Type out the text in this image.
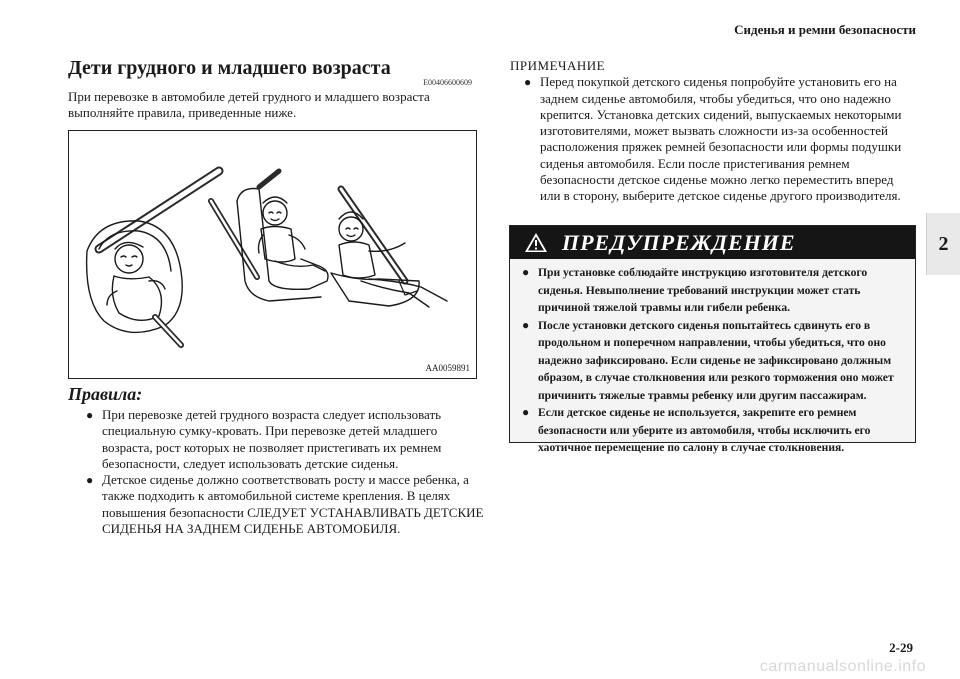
Сиденья и ремни безопасности
2
Дети грудного и младшего возраста
E00406600609
При перевозке в автомобиле детей грудного и младшего возраста выполняйте правила, приведенные ниже.
AA0059891
Правила:
● При перевозке детей грудного возраста следует использовать специальную сумку-кровать. При перевозке детей младшего возраста, рост которых не позволяет пристегивать их ремнем безопасности, следует использовать детские сиденья.
● Детское сиденье должно соответствовать росту и массе ребенка, а также подходить к автомобильной системе крепления. В целях повышения безопасности СЛЕДУЕТ УСТАНАВЛИВАТЬ ДЕТСКИЕ СИДЕНЬЯ НА ЗАДНЕМ СИДЕНЬЕ АВТОМОБИЛЯ.
ПРИМЕЧАНИЕ
● Перед покупкой детского сиденья попробуйте установить его на заднем сиденье автомобиля, чтобы убедиться, что оно надежно крепится. Установка детских сидений, выпускаемых некоторыми изготовителями, может вызвать сложности из-за особенностей расположения пряжек ремней безопасности или формы подушки сиденья автомобиля. Если после пристегивания ремнем безопасности детское сиденье можно легко переместить вперед или в сторону, выберите детское сиденье другого производителя.
ПРЕДУПРЕЖДЕНИЕ
● При установке соблюдайте инструкцию изготовителя детского сиденья. Невыполнение требований инструкции может стать причиной тяжелой травмы или гибели ребенка.
● После установки детского сиденья попытайтесь сдвинуть его в продольном и поперечном направлении, чтобы убедиться, что оно надежно зафиксировано. Если сиденье не зафиксировано должным образом, в случае столкновения или резкого торможения оно может причинить тяжелые травмы ребенку или другим пассажирам.
● Если детское сиденье не используется, закрепите его ремнем безопасности или уберите из автомобиля, чтобы исключить его хаотичное перемещение по салону в случае столкновения.
2-29
carmanualsonline.info
